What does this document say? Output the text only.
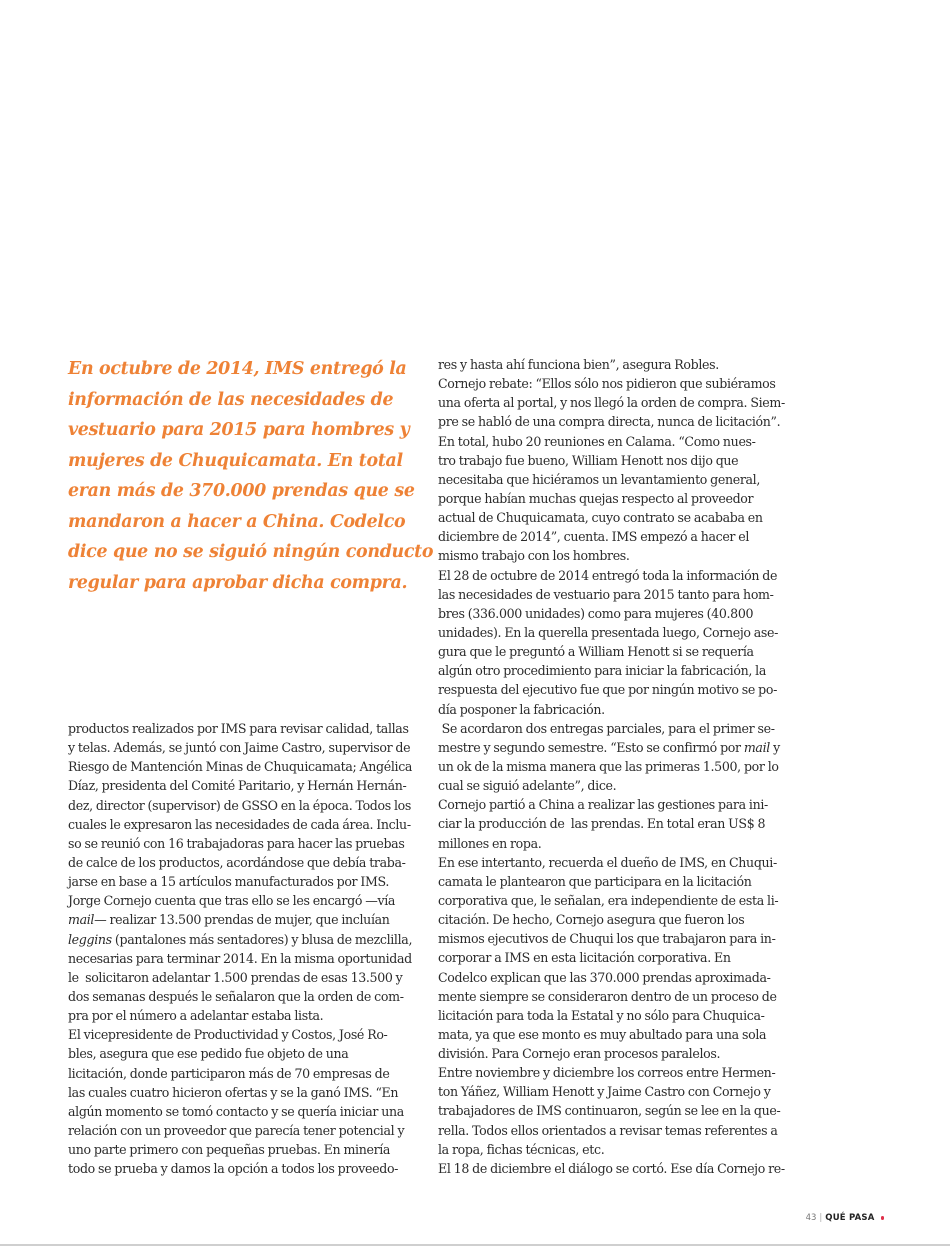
En octubre de 2014, IMS entregó la
información de las necesidades de
vestuario para 2015 para hombres y
mujeres de Chuquicamata. En total
eran más de 370.000 prendas que se
mandaron a hacer a China. Codelco
dice que no se siguió ningún conducto
regular para aprobar dicha compra.
productos realizados por IMS para revisar calidad, tallas
y telas. Además, se juntó con Jaime Castro, supervisor de
Riesgo de Mantención Minas de Chuquicamata; Angélica
Díaz, presidenta del Comité Paritario, y Hernán Hernán-
dez, director (supervisor) de GSSO en la época. Todos los
cuales le expresaron las necesidades de cada área. Inclu-
so se reunió con 16 trabajadoras para hacer las pruebas
de calce de los productos, acordándose que debía traba-
jarse en base a 15 artículos manufacturados por IMS.
Jorge Cornejo cuenta que tras ello se les encargó —vía
mail— realizar 13.500 prendas de mujer, que incluían
leggins (pantalones más sentadores) y blusa de mezclilla,
necesarias para terminar 2014. En la misma oportunidad
le  solicitaron adelantar 1.500 prendas de esas 13.500 y
dos semanas después le señalaron que la orden de com-
pra por el número a adelantar estaba lista.
El vicepresidente de Productividad y Costos, José Ro-
bles, asegura que ese pedido fue objeto de una
licitación, donde participaron más de 70 empresas de
las cuales cuatro hicieron ofertas y se la ganó IMS. “En
algún momento se tomó contacto y se quería iniciar una
relación con un proveedor que parecía tener potencial y
uno parte primero con pequeñas pruebas. En minería
todo se prueba y damos la opción a todos los proveedo-
res y hasta ahí funciona bien”, asegura Robles.
Cornejo rebate: “Ellos sólo nos pidieron que subiéramos
una oferta al portal, y nos llegó la orden de compra. Siem-
pre se habló de una compra directa, nunca de licitación”.
En total, hubo 20 reuniones en Calama. “Como nues-
tro trabajo fue bueno, William Henott nos dijo que
necesitaba que hiciéramos un levantamiento general,
porque habían muchas quejas respecto al proveedor
actual de Chuquicamata, cuyo contrato se acababa en
diciembre de 2014”, cuenta. IMS empezó a hacer el
mismo trabajo con los hombres.
El 28 de octubre de 2014 entregó toda la información de
las necesidades de vestuario para 2015 tanto para hom-
bres (336.000 unidades) como para mujeres (40.800
unidades). En la querella presentada luego, Cornejo ase-
gura que le preguntó a William Henott si se requería
algún otro procedimiento para iniciar la fabricación, la
respuesta del ejecutivo fue que por ningún motivo se po-
día posponer la fabricación.
Se acordaron dos entregas parciales, para el primer se-
mestre y segundo semestre. “Esto se confirmó por mail y
un ok de la misma manera que las primeras 1.500, por lo
cual se siguió adelante”, dice.
Cornejo partió a China a realizar las gestiones para ini-
ciar la producción de  las prendas. En total eran US$ 8
millones en ropa.
En ese intertanto, recuerda el dueño de IMS, en Chuqui-
camata le plantearon que participara en la licitación
corporativa que, le señalan, era independiente de esta li-
citación. De hecho, Cornejo asegura que fueron los
mismos ejecutivos de Chuqui los que trabajaron para in-
corporar a IMS en esta licitación corporativa. En
Codelco explican que las 370.000 prendas aproximada-
mente siempre se consideraron dentro de un proceso de
licitación para toda la Estatal y no sólo para Chuquica-
mata, ya que ese monto es muy abultado para una sola
división. Para Cornejo eran procesos paralelos.
Entre noviembre y diciembre los correos entre Hermen-
ton Yáñez, William Henott y Jaime Castro con Cornejo y
trabajadores de IMS continuaron, según se lee en la que-
rella. Todos ellos orientados a revisar temas referentes a
la ropa, fichas técnicas, etc.
El 18 de diciembre el diálogo se cortó. Ese día Cornejo re-
43 | QUÉ PASA
